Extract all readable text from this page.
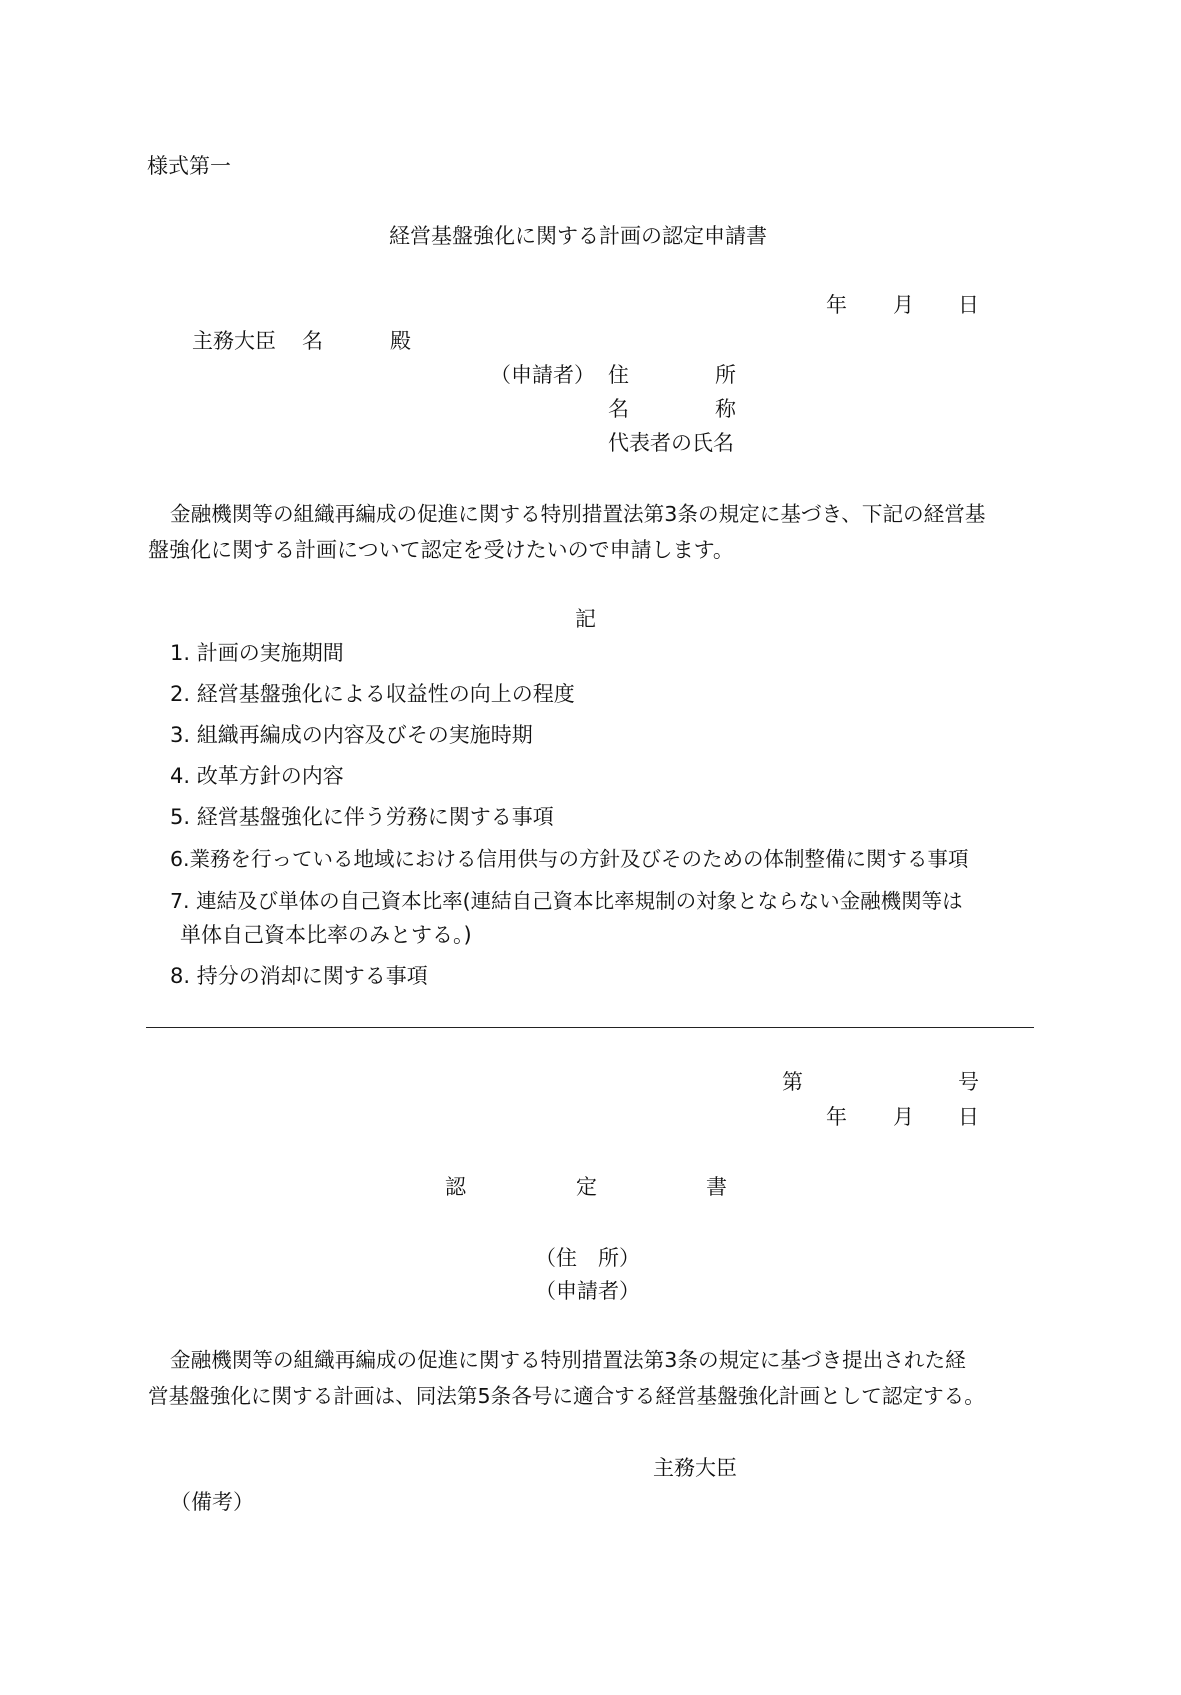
様式第一
経営基盤強化に関する計画の認定申請書
年 月 日
主務大臣 名	殿
（申請者） 住	所
名	称
代表者の氏名
金融機関等の組織再編成の促進に関する特別措置法第3条の規定に基づき、下記の経営基
盤強化に関する計画について認定を受けたいので申請します。
記
1. 計画の実施期間
2. 経営基盤強化による収益性の向上の程度
3. 組織再編成の内容及びその実施時期
4. 改革方針の内容
5. 経営基盤強化に伴う労務に関する事項
6.業務を行っている地域における信用供与の方針及びそのための体制整備に関する事項
7. 連結及び単体の自己資本比率(連結自己資本比率規制の対象とならない金融機関等は
単体自己資本比率のみとする。)
8. 持分の消却に関する事項
第	号
年 月 日
認	定	書
（住　所）
（申請者）
金融機関等の組織再編成の促進に関する特別措置法第3条の規定に基づき提出された経
営基盤強化に関する計画は、同法第5条各号に適合する経営基盤強化計画として認定する。
主務大臣
（備考）
